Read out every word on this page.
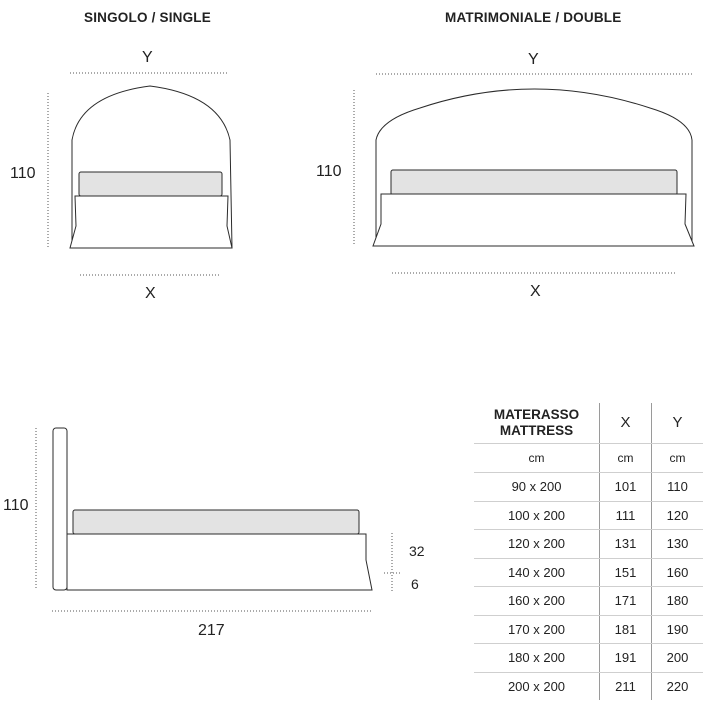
SINGOLO / SINGLE	MATRIMONIALE / DOUBLE
Y
110
X
Y
110
X
110
217
32
6
MATERASSO
MATTRESS	X	Y
cm	cm	cm
90 x 200	101	110
100 x 200	111	120
120 x 200	131	130
140 x 200	151	160
160 x 200	171	180
170 x 200	181	190
180 x 200	191	200
200 x 200	211	220
